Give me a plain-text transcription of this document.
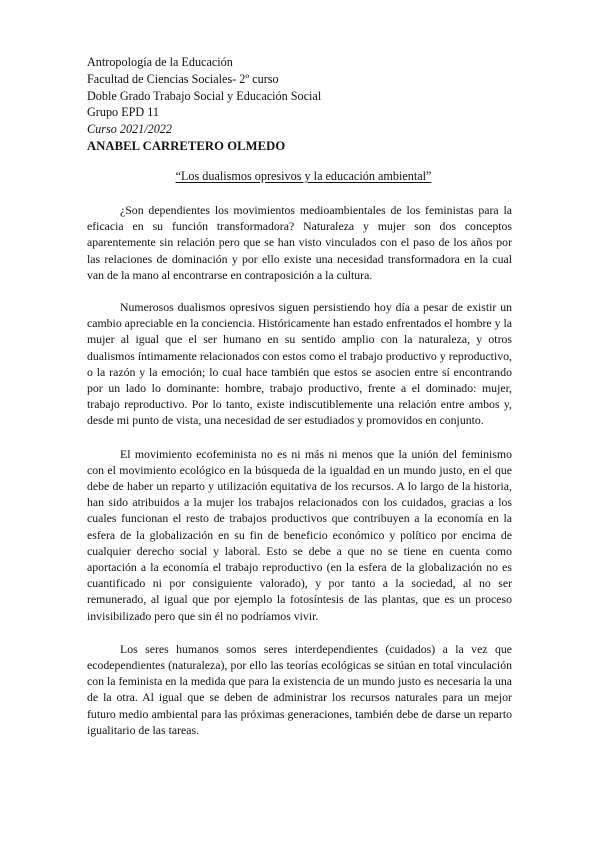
Antropología de la Educación
Facultad de Ciencias Sociales- 2º curso
Doble Grado Trabajo Social y Educación Social
Grupo EPD 11
Curso 2021/2022
ANABEL CARRETERO OLMEDO
“Los dualismos opresivos y la educación ambiental”

¿Son dependientes los movimientos medioambientales de los feministas para la eficacia en su función transformadora? Naturaleza y mujer son dos conceptos aparentemente sin relación pero que se han visto vinculados con el paso de los años por las relaciones de dominación y por ello existe una necesidad transformadora en la cual van de la mano al encontrarse en contraposición a la cultura.

Numerosos dualismos opresivos siguen persistiendo hoy día a pesar de existir un cambio apreciable en la conciencia. Históricamente han estado enfrentados el hombre y la mujer al igual que el ser humano en su sentido amplio con la naturaleza, y otros dualismos íntimamente relacionados con estos como el trabajo productivo y reproductivo, o la razón y la emoción; lo cual hace también que estos se asocien entre sí encontrando por un lado lo dominante: hombre, trabajo productivo, frente a el dominado: mujer, trabajo reproductivo. Por lo tanto, existe indiscutiblemente una relación entre ambos y, desde mi punto de vista, una necesidad de ser estudiados y promovidos en conjunto.

El movimiento ecofeminista no es ni más ni menos que la unión del feminismo con el movimiento ecológico en la búsqueda de la igualdad en un mundo justo, en el que debe de haber un reparto y utilización equitativa de los recursos. A lo largo de la historia, han sido atribuidos a la mujer los trabajos relacionados con los cuidados, gracias a los cuales funcionan el resto de trabajos productivos que contribuyen a la economía en la esfera de la globalización en su fin de beneficio económico y político por encima de cualquier derecho social y laboral. Esto se debe a que no se tiene en cuenta como aportación a la economía el trabajo reproductivo (en la esfera de la globalización no es cuantificado ni por consiguiente valorado), y por tanto a la sociedad, al no ser remunerado, al igual que por ejemplo la fotosíntesis de las plantas, que es un proceso invisibilizado pero que sin él no podríamos vivir.

Los seres humanos somos seres interdependientes (cuidados) a la vez que ecodependientes (naturaleza), por ello las teorías ecológicas se sitúan en total vinculación con la feminista en la medida que para la existencia de un mundo justo es necesaria la una de la otra. Al igual que se deben de administrar los recursos naturales para un mejor futuro medio ambiental para las próximas generaciones, también debe de darse un reparto igualitario de las tareas.
